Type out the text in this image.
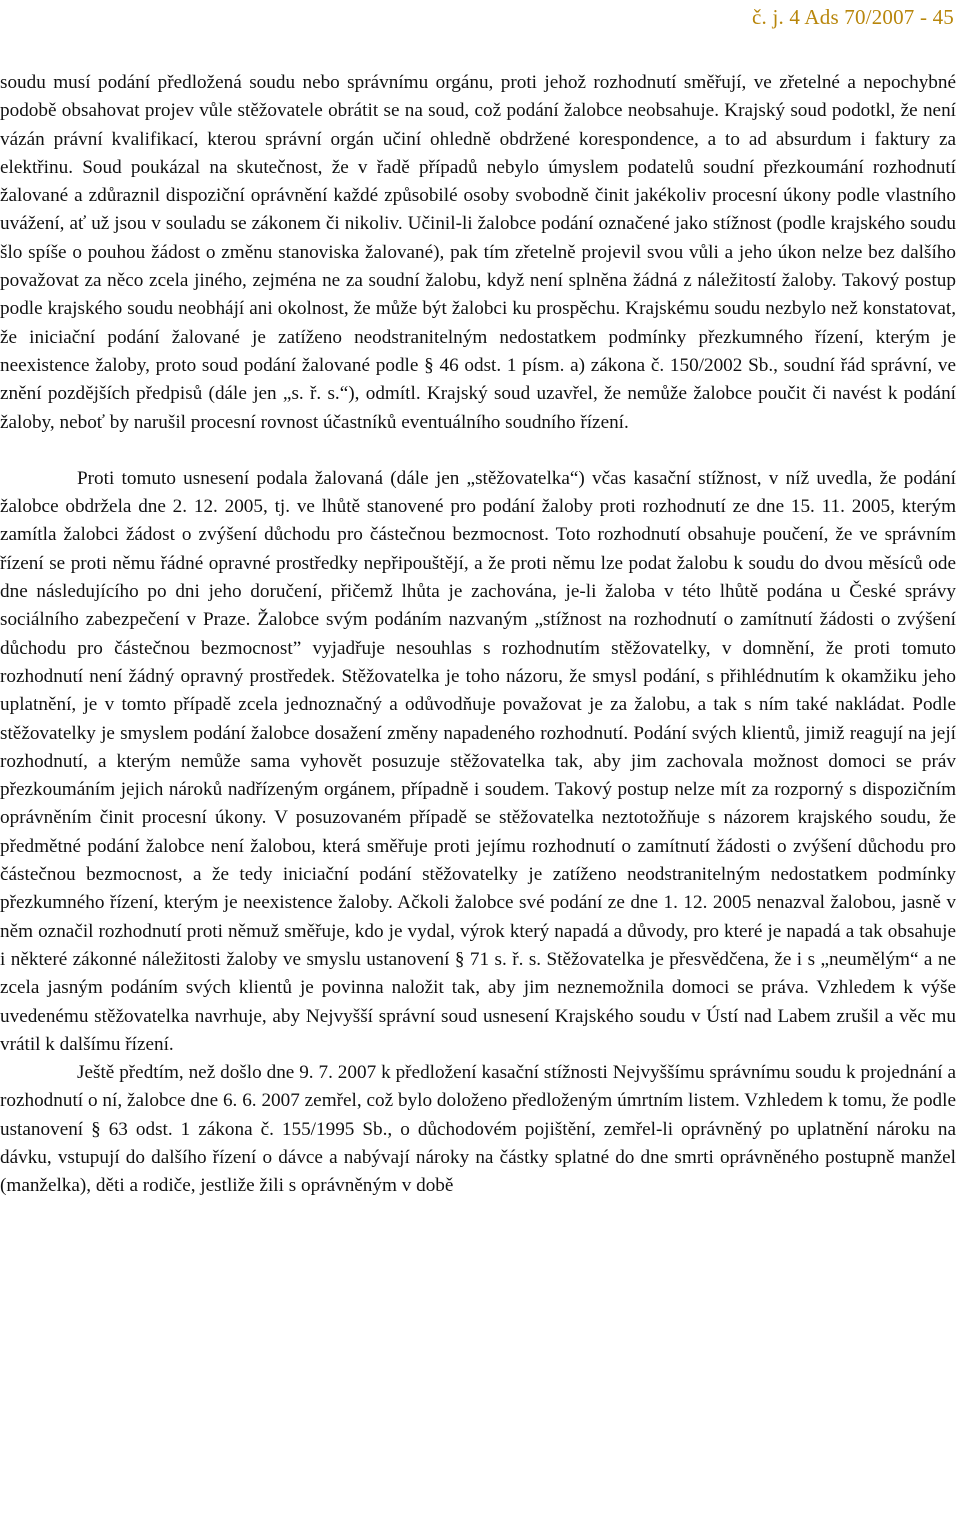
č. j. 4 Ads 70/2007 - 45

soudu musí podání předložená soudu nebo správnímu orgánu, proti jehož rozhodnutí směřují, ve zřetelné a nepochybné podobě obsahovat projev vůle stěžovatele obrátit se na soud, což podání žalobce neobsahuje. Krajský soud podotkl, že není vázán právní kvalifikací, kterou správní orgán učiní ohledně obdržené korespondence, a to ad absurdum i faktury za elektřinu. Soud poukázal na skutečnost, že v řadě případů nebylo úmyslem podatelů soudní přezkoumání rozhodnutí žalované a zdůraznil dispoziční oprávnění každé způsobilé osoby svobodně činit jakékoliv procesní úkony podle vlastního uvážení, ať už jsou v souladu se zákonem či nikoliv. Učinil-li žalobce podání označené jako stížnost (podle krajského soudu šlo spíše o pouhou žádost o změnu stanoviska žalované), pak tím zřetelně projevil svou vůli a jeho úkon nelze bez dalšího považovat za něco zcela jiného, zejména ne za soudní žalobu, když není splněna žádná z náležitostí žaloby. Takový postup podle krajského soudu neobhájí ani okolnost, že může být žalobci ku prospěchu. Krajskému soudu nezbylo než konstatovat, že iniciační podání žalované je zatíženo neodstranitelným nedostatkem podmínky přezkumného řízení, kterým je neexistence žaloby, proto soud podání žalované podle § 46 odst. 1 písm. a) zákona č. 150/2002 Sb., soudní řád správní, ve znění pozdějších předpisů (dále jen „s. ř. s.“), odmítl. Krajský soud uzavřel, že nemůže žalobce poučit či navést k podání žaloby, neboť by narušil procesní rovnost účastníků eventuálního soudního řízení.

Proti tomuto usnesení podala žalovaná (dále jen „stěžovatelka“) včas kasační stížnost, v níž uvedla, že podání žalobce obdržela dne 2. 12. 2005, tj. ve lhůtě stanovené pro podání žaloby proti rozhodnutí ze dne 15. 11. 2005, kterým zamítla žalobci žádost o zvýšení důchodu pro částečnou bezmocnost. Toto rozhodnutí obsahuje poučení, že ve správním řízení se proti němu řádné opravné prostředky nepřipouštějí, a že proti němu lze podat žalobu k soudu do dvou měsíců ode dne následujícího po dni jeho doručení, přičemž lhůta je zachována, je-li žaloba v této lhůtě podána u České správy sociálního zabezpečení v Praze. Žalobce svým podáním nazvaným „stížnost na rozhodnutí o zamítnutí žádosti o zvýšení důchodu pro částečnou bezmocnost” vyjadřuje nesouhlas s rozhodnutím stěžovatelky, v domnění, že proti tomuto rozhodnutí není žádný opravný prostředek. Stěžovatelka je toho názoru, že smysl podání, s přihlédnutím k okamžiku jeho uplatnění, je v tomto případě zcela jednoznačný a odůvodňuje považovat je za žalobu, a tak s ním také nakládat. Podle stěžovatelky je smyslem podání žalobce dosažení změny napadeného rozhodnutí. Podání svých klientů, jimiž reagují na její rozhodnutí, a kterým nemůže sama vyhovět posuzuje stěžovatelka tak, aby jim zachovala možnost domoci se práv přezkoumáním jejich nároků nadřízeným orgánem, případně i soudem. Takový postup nelze mít za rozporný s dispozičním oprávněním činit procesní úkony. V posuzovaném případě se stěžovatelka neztotožňuje s názorem krajského soudu, že předmětné podání žalobce není žalobou, která směřuje proti jejímu rozhodnutí o zamítnutí žádosti o zvýšení důchodu pro částečnou bezmocnost, a že tedy iniciační podání stěžovatelky je zatíženo neodstranitelným nedostatkem podmínky přezkumného řízení, kterým je neexistence žaloby. Ačkoli žalobce své podání ze dne 1. 12. 2005 nenazval žalobou, jasně v něm označil rozhodnutí proti němuž směřuje, kdo je vydal, výrok který napadá a důvody, pro které je napadá a tak obsahuje i některé zákonné náležitosti žaloby ve smyslu ustanovení § 71 s. ř. s. Stěžovatelka je přesvědčena, že i s „neumělým“ a ne zcela jasným podáním svých klientů je povinna naložit tak, aby jim neznemožnila domoci se práva. Vzhledem k výše uvedenému stěžovatelka navrhuje, aby Nejvyšší správní soud usnesení Krajského soudu v Ústí nad Labem zrušil a věc mu vrátil k dalšímu řízení.

Ještě předtím, než došlo dne 9. 7. 2007 k předložení kasační stížnosti Nejvyššímu správnímu soudu k projednání a rozhodnutí o ní, žalobce dne 6. 6. 2007 zemřel, což bylo doloženo předloženým úmrtním listem. Vzhledem k tomu, že podle ustanovení § 63 odst. 1 zákona č. 155/1995 Sb., o důchodovém pojištění, zemřel-li oprávněný po uplatnění nároku na dávku, vstupují do dalšího řízení o dávce a nabývají nároky na částky splatné do dne smrti oprávněného postupně manžel (manželka), děti a rodiče, jestliže žili s oprávněným v době
